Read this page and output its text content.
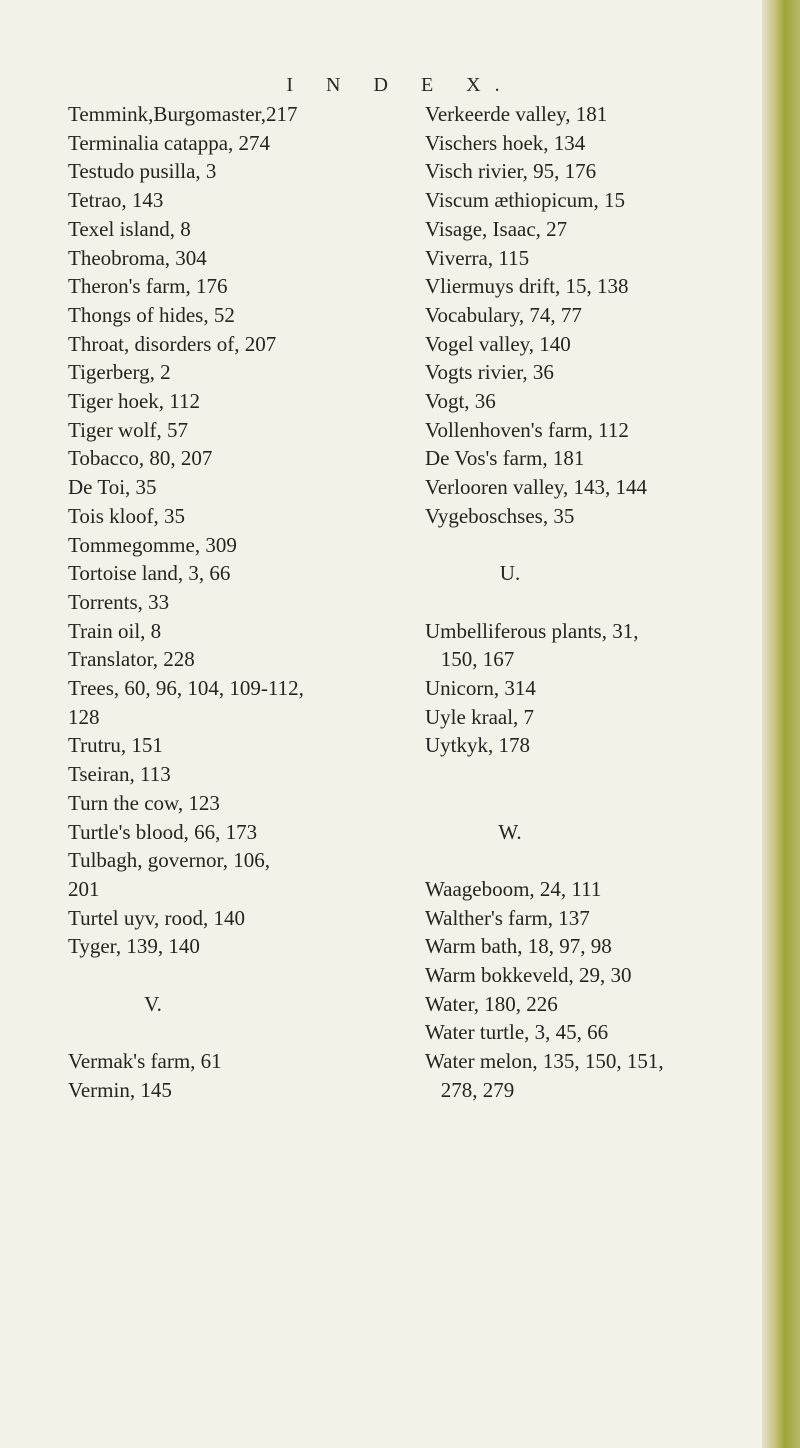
I N D E X.
Temmink,Burgomaster,217
Terminalia catappa, 274
Testudo pusilla, 3
Tetrao, 143
Texel island, 8
Theobroma, 304
Theron's farm, 176
Thongs of hides, 52
Throat, disorders of, 207
Tigerberg, 2
Tiger hoek, 112
Tiger wolf, 57
Tobacco, 80, 207
De Toi, 35
Tois kloof, 35
Tommegomme, 309
Tortoise land, 3, 66
Torrents, 33
Train oil, 8
Translator, 228
Trees, 60, 96, 104, 109-112,
128
Trutru, 151
Tseiran, 113
Turn the cow, 123
Turtle's blood, 66, 173
Tulbagh, governor, 106,
201
Turtel uyv, rood, 140
Tyger, 139, 140
V.
Vermak's farm, 61
Vermin, 145
Verkeerde valley, 181
Vischers hoek, 134
Visch rivier, 95, 176
Viscum æthiopicum, 15
Visage, Isaac, 27
Viverra, 115
Vliermuys drift, 15, 138
Vocabulary, 74, 77
Vogel valley, 140
Vogts rivier, 36
Vogt, 36
Vollenhoven's farm, 112
De Vos's farm, 181
Verlooren valley, 143, 144
Vygeboschses, 35
U.
Umbelliferous plants, 31,
150, 167
Unicorn, 314
Uyle kraal, 7
Uytkyk, 178
W.
Waageboom, 24, 111
Walther's farm, 137
Warm bath, 18, 97, 98
Warm bokkeveld, 29, 30
Water, 180, 226
Water turtle, 3, 45, 66
Water melon, 135, 150, 151,
278, 279
